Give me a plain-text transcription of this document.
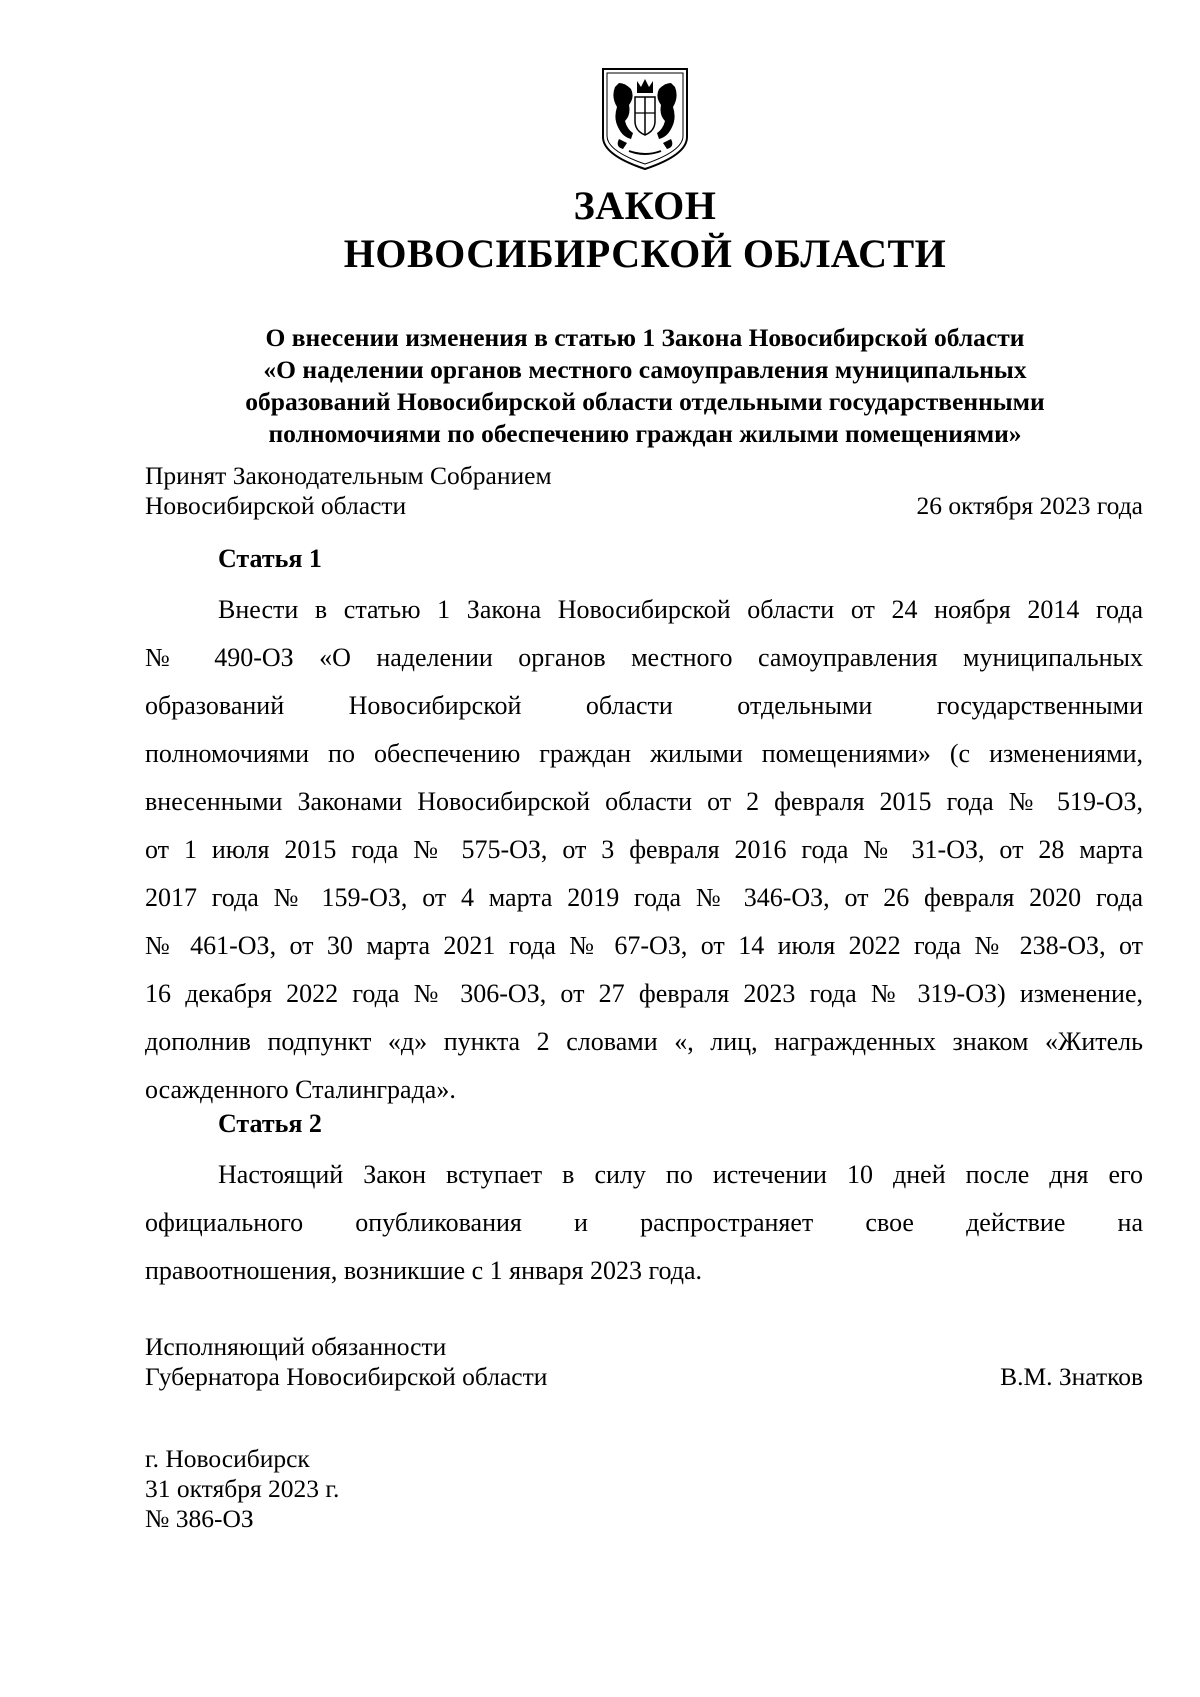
ЗАКОН
НОВОСИБИРСКОЙ ОБЛАСТИ
О внесении изменения в статью 1 Закона Новосибирской области
«О наделении органов местного самоуправления муниципальных
образований Новосибирской области отдельными государственными
полномочиями по обеспечению граждан жилыми помещениями»
Принят Законодательным Собранием
Новосибирской области	26 октября 2023 года
Статья 1
Внести в статью 1 Закона Новосибирской области от 24 ноября 2014 года
№ 490-ОЗ «О наделении органов местного самоуправления муниципальных
образований Новосибирской области отдельными государственными
полномочиями по обеспечению граждан жилыми помещениями» (с изменениями,
внесенными Законами Новосибирской области от 2 февраля 2015 года № 519-ОЗ,
от 1 июля 2015 года № 575-ОЗ, от 3 февраля 2016 года № 31-ОЗ, от 28 марта
2017 года № 159-ОЗ, от 4 марта 2019 года № 346-ОЗ, от 26 февраля 2020 года
№ 461-ОЗ, от 30 марта 2021 года № 67-ОЗ, от 14 июля 2022 года № 238-ОЗ, от
16 декабря 2022 года № 306-ОЗ, от 27 февраля 2023 года № 319-ОЗ) изменение,
дополнив подпункт «д» пункта 2 словами «, лиц, награжденных знаком «Житель
осажденного Сталинграда».
Статья 2
Настоящий Закон вступает в силу по истечении 10 дней после дня его
официального опубликования и распространяет свое действие на
правоотношения, возникшие с 1 января 2023 года.
Исполняющий обязанности
Губернатора Новосибирской области	В.М. Знатков
г. Новосибирск
31 октября 2023 г.
№ 386-ОЗ
